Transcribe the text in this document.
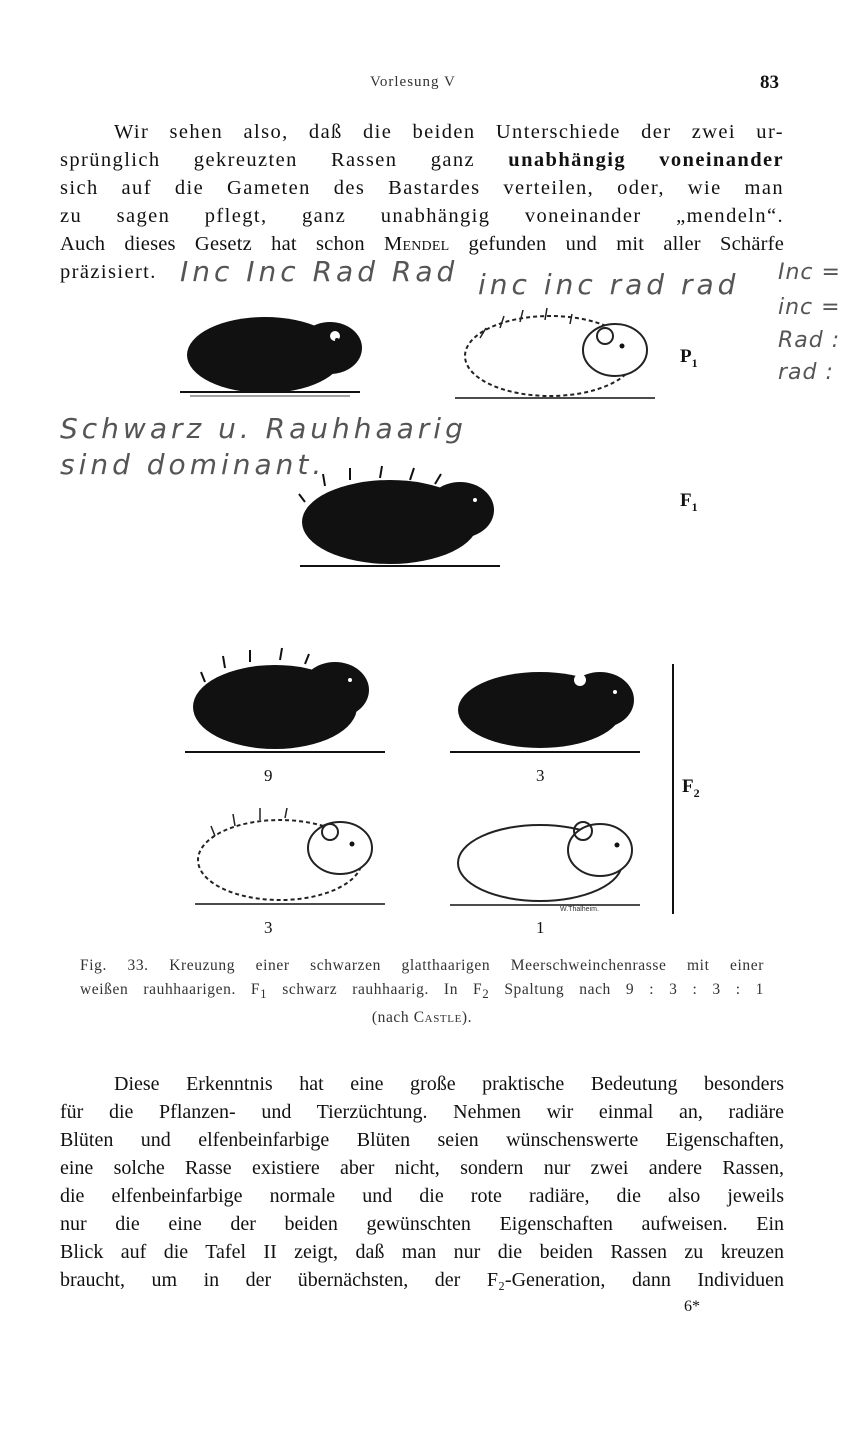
Vorlesung V	83
Wir sehen also, daß die beiden Unterschiede der zwei ur-
sprünglich gekreuzten Rassen ganz unabhängig voneinander
sich auf die Gameten des Bastardes verteilen, oder, wie man
zu sagen pflegt, ganz unabhängig voneinander „mendeln“.
Auch dieses Gesetz hat schon Mendel gefunden und mit aller Schärfe
präzisiert. Inc Inc Rad Rad inc inc rad rad Inc =
inc =
Rad :
rad :
Schwarz u. Rauhhaarig
sind dominant.
$P_1$
$F_1$
$F_2$
9	3
3	1
W.Thalheim.
Fig. 33. Kreuzung einer schwarzen glatthaarigen Meerschweinchenrasse mit einer
weißen rauhhaarigen. $F_1$ schwarz rauhhaarig. In $F_2$ Spaltung nach 9 : 3 : 3 : 1
(nach Castle).
Diese Erkenntnis hat eine große praktische Bedeutung besonders
für die Pflanzen- und Tierzüchtung. Nehmen wir einmal an, radiäre
Blüten und elfenbeinfarbige Blüten seien wünschenswerte Eigenschaften,
eine solche Rasse existiere aber nicht, sondern nur zwei andere Rassen,
die elfenbeinfarbige normale und die rote radiäre, die also jeweils
nur die eine der beiden gewünschten Eigenschaften aufweisen. Ein
Blick auf die Tafel II zeigt, daß man nur die beiden Rassen zu kreuzen
braucht, um in der übernächsten, der F₂-Generation, dann Individuen
6*
